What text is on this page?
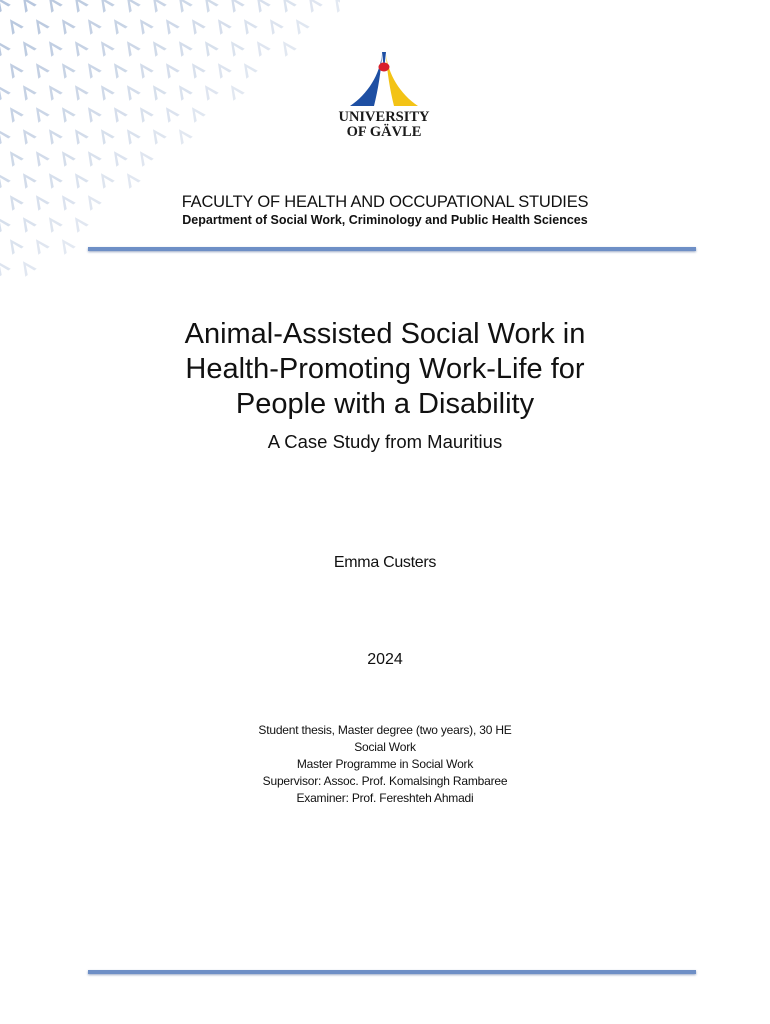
UNIVERSITY
OF GÄVLE
FACULTY OF HEALTH AND OCCUPATIONAL STUDIES
Department of Social Work, Criminology and Public Health Sciences
Animal-Assisted Social Work in
Health-Promoting Work-Life for
People with a Disability
A Case Study from Mauritius
Emma Custers
2024
Student thesis, Master degree (two years), 30 HE
Social Work
Master Programme in Social Work
Supervisor: Assoc. Prof. Komalsingh Rambaree
Examiner: Prof. Fereshteh Ahmadi
